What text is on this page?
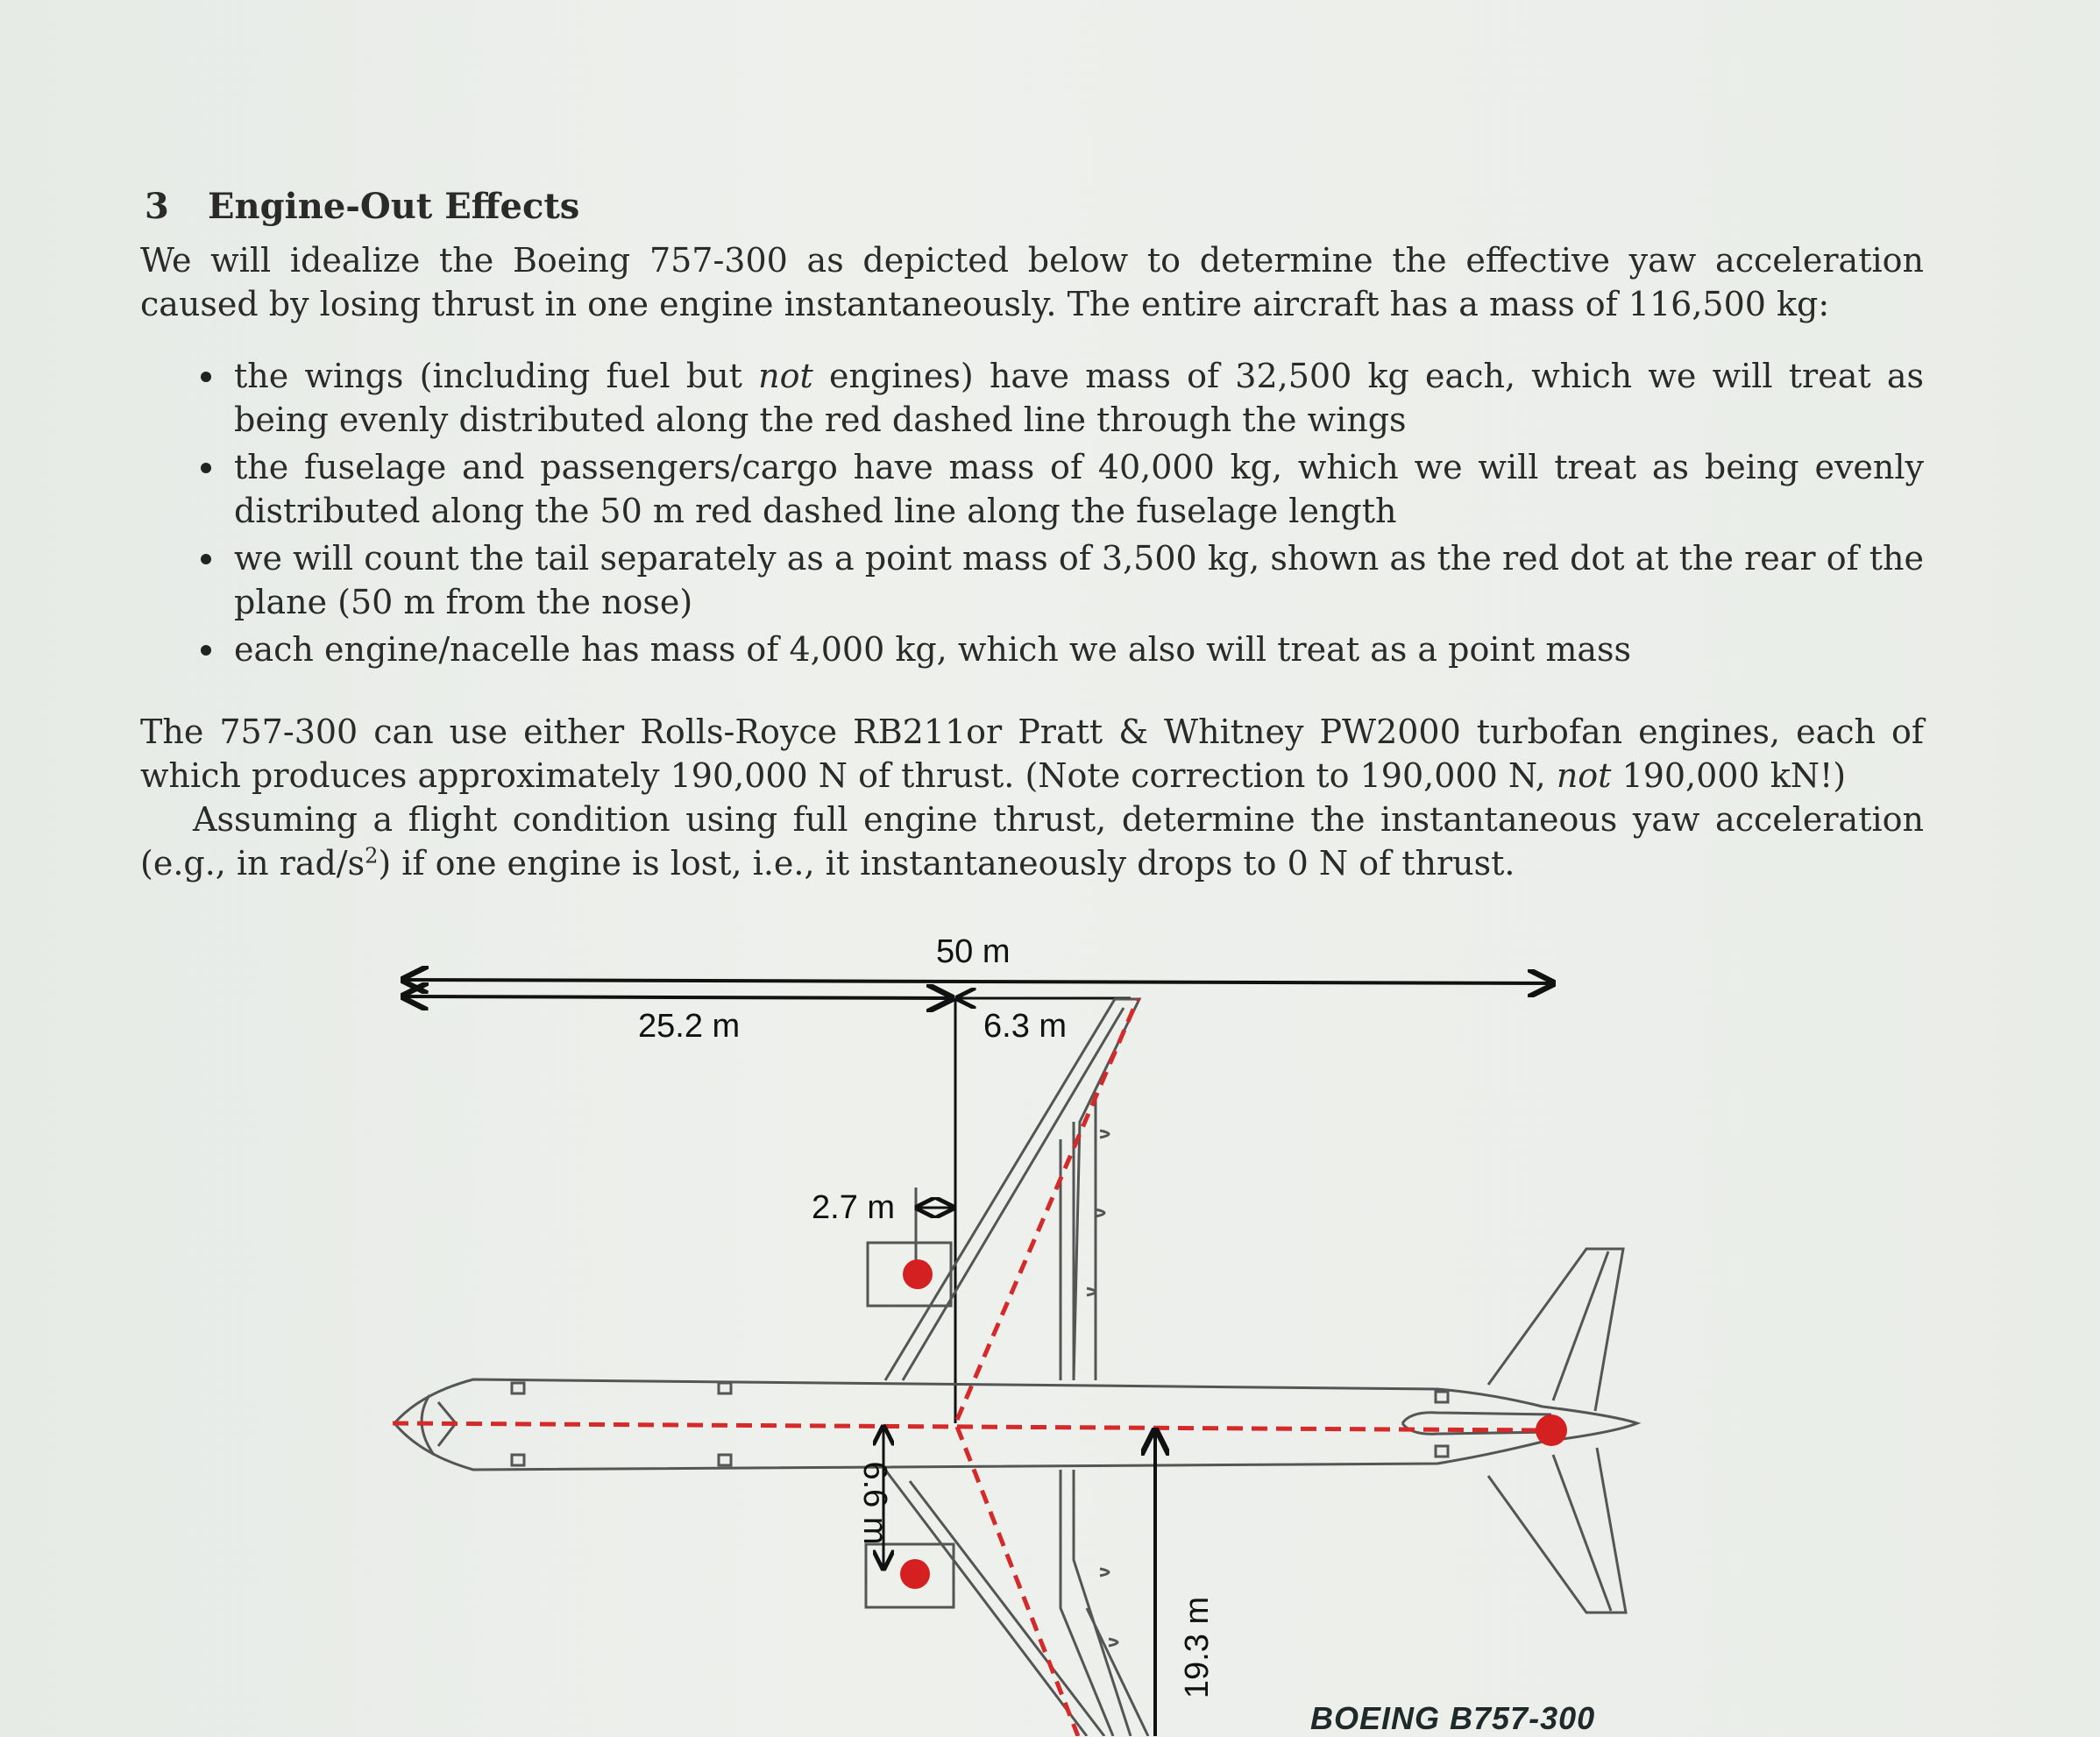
3 Engine-Out Effects
We will idealize the Boeing 757-300 as depicted below to determine the effective yaw acceleration caused by losing thrust in one engine instantaneously. The entire aircraft has a mass of 116,500 kg:
the wings (including fuel but not engines) have mass of 32,500 kg each, which we will treat as being evenly distributed along the red dashed line through the wings
the fuselage and passengers/cargo have mass of 40,000 kg, which we will treat as being evenly distributed along the 50 m red dashed line along the fuselage length
we will count the tail separately as a point mass of 3,500 kg, shown as the red dot at the rear of the plane (50 m from the nose)
each engine/nacelle has mass of 4,000 kg, which we also will treat as a point mass
The 757-300 can use either Rolls-Royce RB211or Pratt & Whitney PW2000 turbofan engines, each of which produces approximately 190,000 N of thrust. (Note correction to 190,000 N, not 190,000 kN!)
Assuming a flight condition using full engine thrust, determine the instantaneous yaw acceleration (e.g., in rad/$s^2$) if one engine is lost, i.e., it instantaneously drops to 0 N of thrust.
50 m
25.2 m	6.3 m
2.7 m
6.6 m
19.3 m
BOEING B757-300
